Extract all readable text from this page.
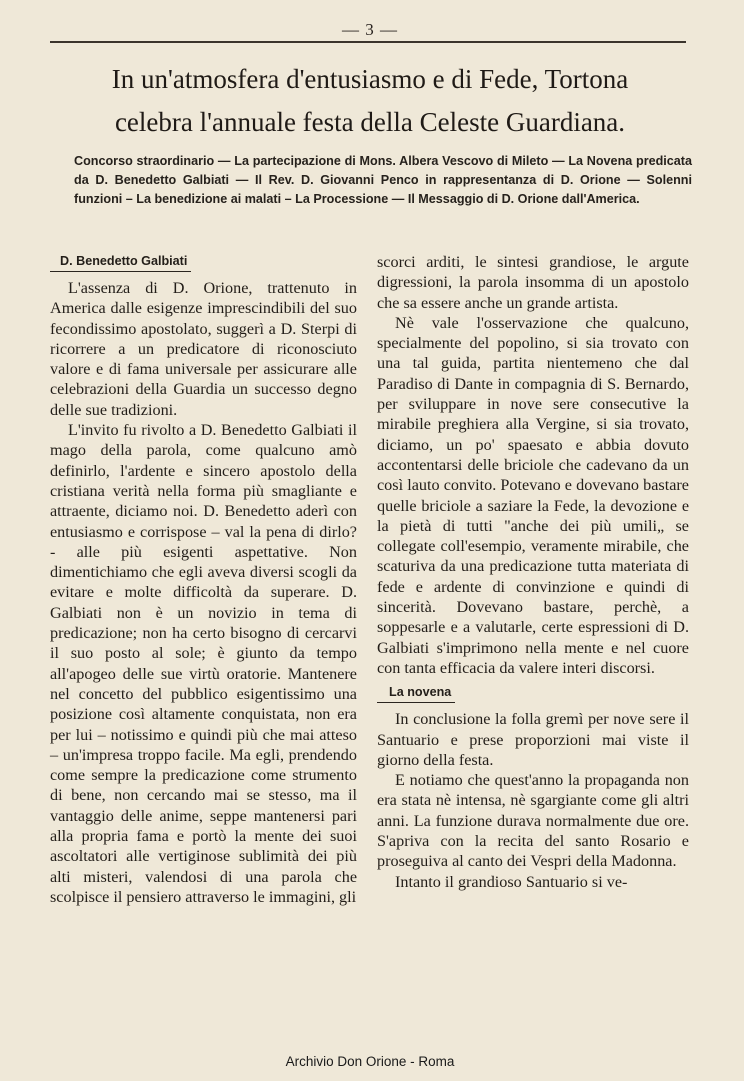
— 3 —
In un'atmosfera d'entusiasmo e di Fede, Tortona
celebra l'annuale festa della Celeste Guardiana.
Concorso straordinario — La partecipazione di Mons. Albera Vescovo di Mileto — La Novena predicata da D. Benedetto Galbiati — Il Rev. D. Giovanni Penco in rappresentanza di D. Orione — Solenni funzioni – La benedizione ai malati – La Processione — Il Messaggio di D. Orione dall'America.
D. Benedetto Galbiati

L'assenza di D. Orione, trattenuto in America dalle esigenze imprescindibili del suo fecondissimo apostolato, suggerì a D. Sterpi di ricorrere a un predicatore di riconosciuto valore e di fama universale per assicurare alle celebrazioni della Guardia un successo degno delle sue tradizioni.

L'invito fu rivolto a D. Benedetto Galbiati il mago della parola, come qualcuno amò definirlo, l'ardente e sincero apostolo della cristiana verità nella forma più smagliante e attraente, diciamo noi. D. Benedetto aderì con entusiasmo e corrispose – val la pena di dirlo? - alle più esigenti aspettative. Non dimentichiamo che egli aveva diversi scogli da evitare e molte difficoltà da superare. D. Galbiati non è un novizio in tema di predicazione; non ha certo bisogno di cercarvi il suo posto al sole; è giunto da tempo all'apogeo delle sue virtù oratorie. Mantenere nel concetto del pubblico esigentissimo una posizione così altamente conquistata, non era per lui – notissimo e quindi più che mai atteso – un'impresa troppo facile. Ma egli, prendendo come sempre la predicazione come strumento di bene, non cercando mai se stesso, ma il vantaggio delle anime, seppe mantenersi pari alla propria fama e portò la mente dei suoi ascoltatori alle vertiginose sublimità dei più alti misteri, valendosi di una parola che scolpisce il pensiero attraverso le immagini, gli

scorci arditi, le sintesi grandiose, le argute digressioni, la parola insomma di un apostolo che sa essere anche un grande artista.

Nè vale l'osservazione che qualcuno, specialmente del popolino, si sia trovato con una tal guida, partita nientemeno che dal Paradiso di Dante in compagnia di S. Bernardo, per sviluppare in nove sere consecutive la mirabile preghiera alla Vergine, si sia trovato, diciamo, un po' spaesato e abbia dovuto accontentarsi delle briciole che cadevano da un così lauto convito. Potevano e dovevano bastare quelle briciole a saziare la Fede, la devozione e la pietà di tutti "anche dei più umili„ se collegate coll'esempio, veramente mirabile, che scaturiva da una predicazione tutta materiata di fede e ardente di convinzione e quindi di sincerità. Dovevano bastare, perchè, a soppesarle e a valutarle, certe espressioni di D. Galbiati s'imprimono nella mente e nel cuore con tanta efficacia da valere interi discorsi.

La novena

In conclusione la folla gremì per nove sere il Santuario e prese proporzioni mai viste il giorno della festa.

E notiamo che quest'anno la propaganda non era stata nè intensa, nè sgargiante come gli altri anni. La funzione durava normalmente due ore. S'apriva con la recita del santo Rosario e proseguiva al canto dei Vespri della Madonna.

Intanto il grandioso Santuario si ve-

Archivio Don Orione - Roma
